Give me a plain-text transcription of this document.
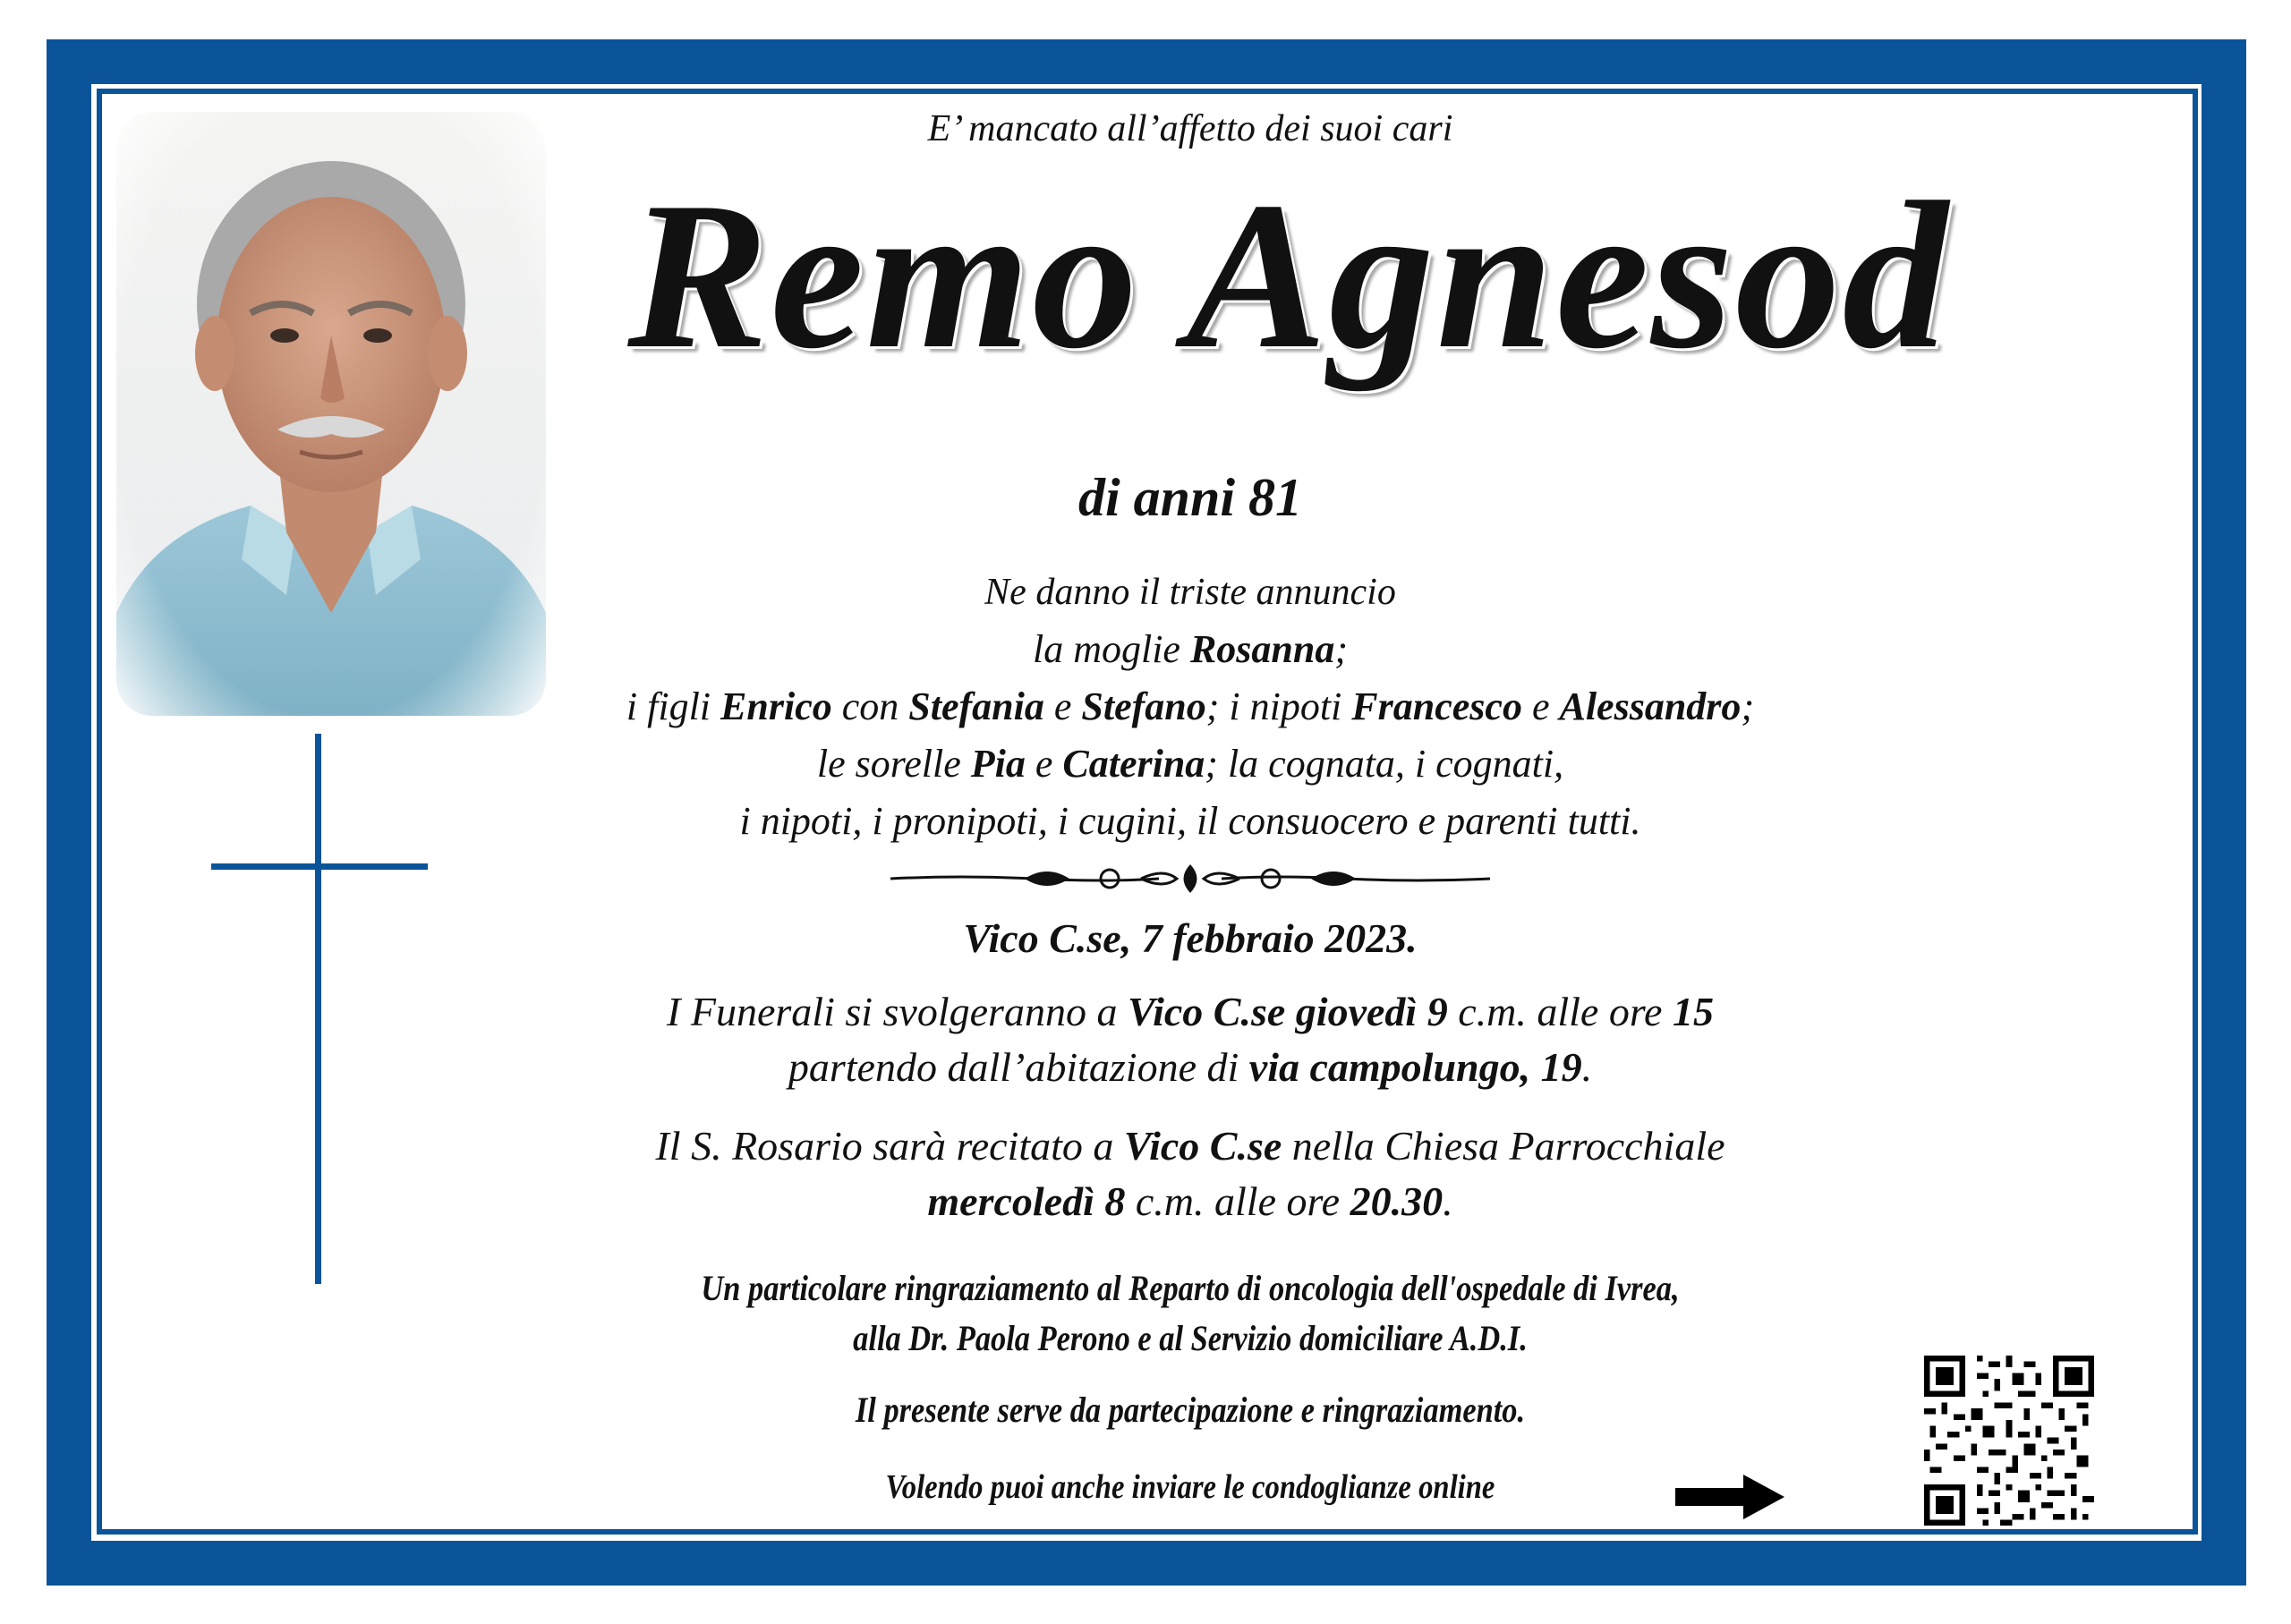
E’ mancato all’affetto dei suoi cari
Remo Agnesod
di anni 81
Ne danno il triste annuncio
la moglie Rosanna;
i figli Enrico con Stefania e Stefano; i nipoti Francesco e Alessandro;
le sorelle Pia e Caterina; la cognata, i cognati,
i nipoti, i pronipoti, i cugini, il consuocero e parenti tutti.
Vico C.se, 7 febbraio 2023.
I Funerali si svolgeranno a Vico C.se giovedì 9 c.m. alle ore 15
partendo dall’abitazione di via campolungo, 19.
Il S. Rosario sarà recitato a Vico C.se nella Chiesa Parrocchiale
mercoledì 8 c.m. alle ore 20.30.
Un particolare ringraziamento al Reparto di oncologia dell'ospedale di Ivrea,
alla Dr. Paola Perono e al Servizio domiciliare A.D.I.
Il presente serve da partecipazione e ringraziamento.
Volendo puoi anche inviare le condoglianze online
